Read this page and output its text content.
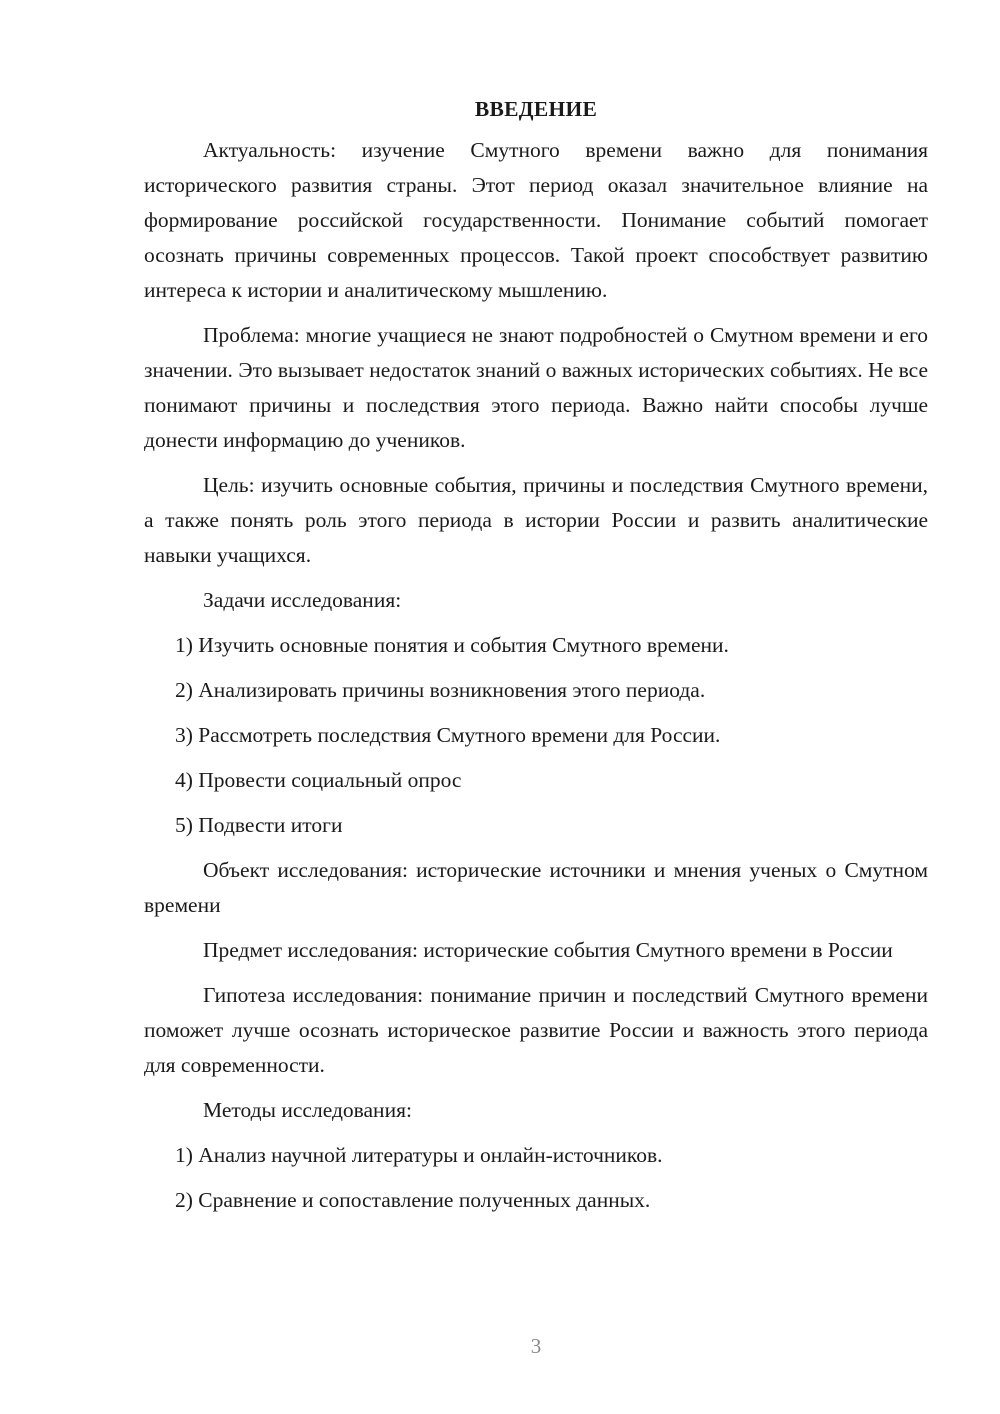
ВВЕДЕНИЕ

Актуальность: изучение Смутного времени важно для понимания исторического развития страны. Этот период оказал значительное влияние на формирование российской государственности. Понимание событий помогает осознать причины современных процессов. Такой проект способствует развитию интереса к истории и аналитическому мышлению.

Проблема: многие учащиеся не знают подробностей о Смутном времени и его значении. Это вызывает недостаток знаний о важных исторических событиях. Не все понимают причины и последствия этого периода. Важно найти способы лучше донести информацию до учеников.

Цель: изучить основные события, причины и последствия Смутного времени, а также понять роль этого периода в истории России и развить аналитические навыки учащихся.

Задачи исследования:

1) Изучить основные понятия и события Смутного времени.
2) Анализировать причины возникновения этого периода.
3) Рассмотреть последствия Смутного времени для России.
4) Провести социальный опрос
5) Подвести итоги

Объект исследования: исторические источники и мнения ученых о Смутном времени

Предмет исследования: исторические события Смутного времени в России

Гипотеза исследования: понимание причин и последствий Смутного времени поможет лучше осознать историческое развитие России и важность этого периода для современности.

Методы исследования:

1) Анализ научной литературы и онлайн-источников.
2) Сравнение и сопоставление полученных данных.
3
